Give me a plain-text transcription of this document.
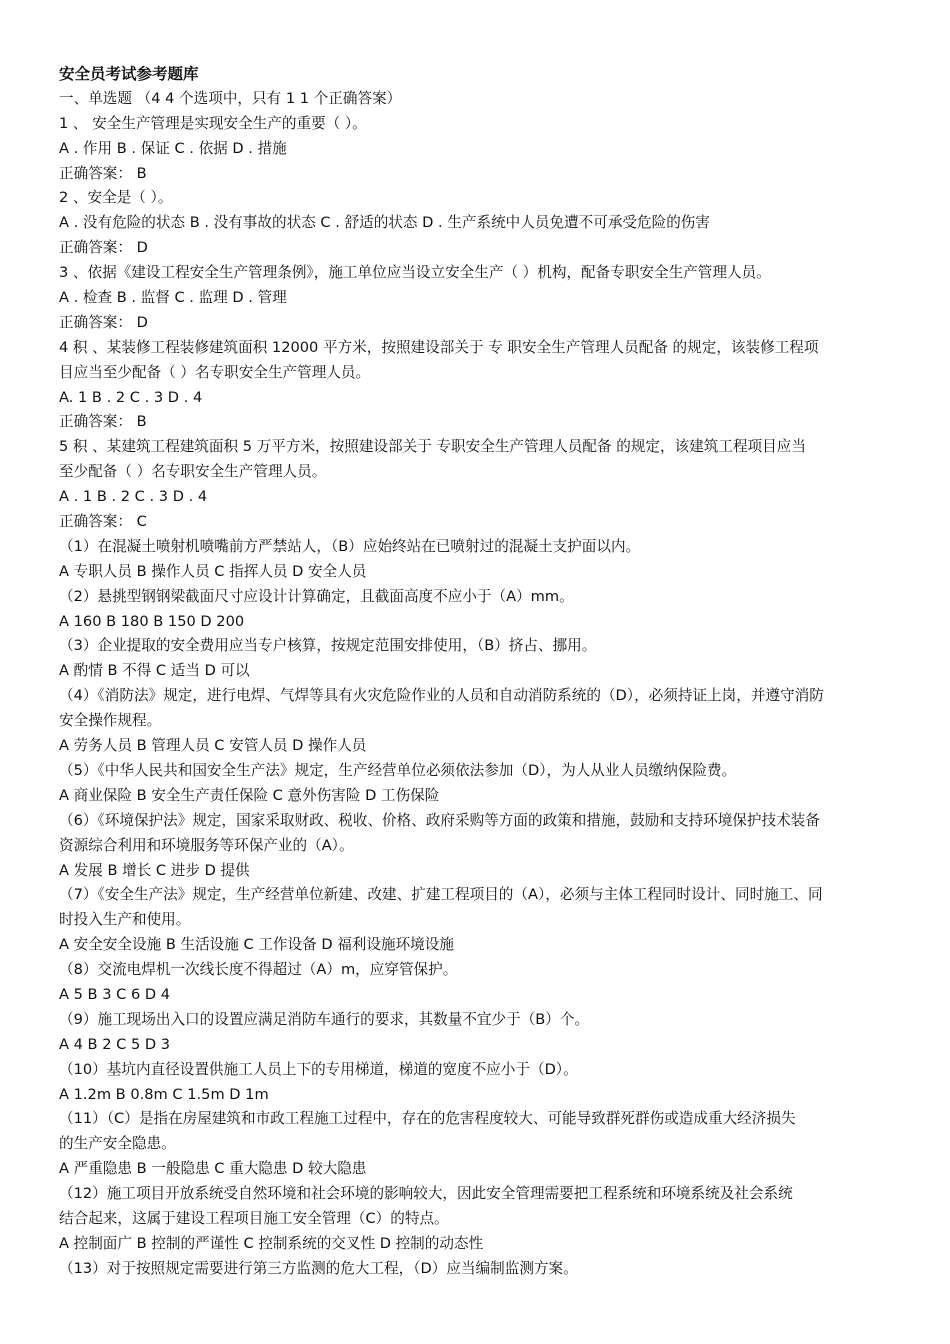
安全员考试参考题库
一、单选题 （4 4 个选项中，只有 1 1 个正确答案）
1 、 安全生产管理是实现安全生产的重要（ ）。
A . 作用 B . 保证 C . 依据 D . 措施
正确答案： B
2 、安全是（ ）。
A . 没有危险的状态 B . 没有事故的状态 C . 舒适的状态 D . 生产系统中人员免遭不可承受危险的伤害
正确答案： D
3 、依据《建设工程安全生产管理条例》，施工单位应当设立安全生产（ ）机构，配备专职安全生产管理人员。
A . 检查 B . 监督 C . 监理 D . 管理
正确答案： D
4 积 、某装修工程装修建筑面积 12000 平方米，按照建设部关于 专 职安全生产管理人员配备 的规定，该装修工程项
目应当至少配备（ ）名专职安全生产管理人员。
A. 1 B . 2 C . 3 D . 4
正确答案： B
5 积 、某建筑工程建筑面积 5 万平方米，按照建设部关于 专职安全生产管理人员配备 的规定，该建筑工程项目应当
至少配备（ ）名专职安全生产管理人员。
A . 1 B . 2 C . 3 D . 4
正确答案： C
（1）在混凝土喷射机喷嘴前方严禁站人，（B）应始终站在已喷射过的混凝土支护面以内。
A 专职人员 B 操作人员 C 指挥人员 D 安全人员
（2）悬挑型钢钢梁截面尺寸应设计计算确定，且截面高度不应小于（A）mm。
A 160 B 180 B 150 D 200
（3）企业提取的安全费用应当专户核算，按规定范围安排使用，（B）挤占、挪用。
A 酌情 B 不得 C 适当 D 可以
（4）《消防法》规定，进行电焊、气焊等具有火灾危险作业的人员和自动消防系统的（D），必须持证上岗，并遵守消防
安全操作规程。
A 劳务人员 B 管理人员 C 安管人员 D 操作人员
（5）《中华人民共和国安全生产法》规定，生产经营单位必须依法参加（D），为人从业人员缴纳保险费。
A 商业保险 B 安全生产责任保险 C 意外伤害险 D 工伤保险
（6）《环境保护法》规定，国家采取财政、税收、价格、政府采购等方面的政策和措施，鼓励和支持环境保护技术装备
资源综合利用和环境服务等环保产业的（A）。
A 发展 B 增长 C 进步 D 提供
（7）《安全生产法》规定，生产经营单位新建、改建、扩建工程项目的（A），必须与主体工程同时设计、同时施工、同
时投入生产和使用。
A 安全安全设施 B 生活设施 C 工作设备 D 福利设施环境设施
（8）交流电焊机一次线长度不得超过（A）m，应穿管保护。
A 5 B 3 C 6 D 4
（9）施工现场出入口的设置应满足消防车通行的要求，其数量不宜少于（B）个。
A 4 B 2 C 5 D 3
（10）基坑内直径设置供施工人员上下的专用梯道，梯道的宽度不应小于（D）。
A 1.2m B 0.8m C 1.5m D 1m
（11）（C）是指在房屋建筑和市政工程施工过程中，存在的危害程度较大、可能导致群死群伤或造成重大经济损失
的生产安全隐患。
A 严重隐患 B 一般隐患 C 重大隐患 D 较大隐患
（12）施工项目开放系统受自然环境和社会环境的影响较大，因此安全管理需要把工程系统和环境系统及社会系统
结合起来，这属于建设工程项目施工安全管理（C）的特点。
A 控制面广 B 控制的严谨性 C 控制系统的交叉性 D 控制的动态性
（13）对于按照规定需要进行第三方监测的危大工程，（D）应当编制监测方案。
